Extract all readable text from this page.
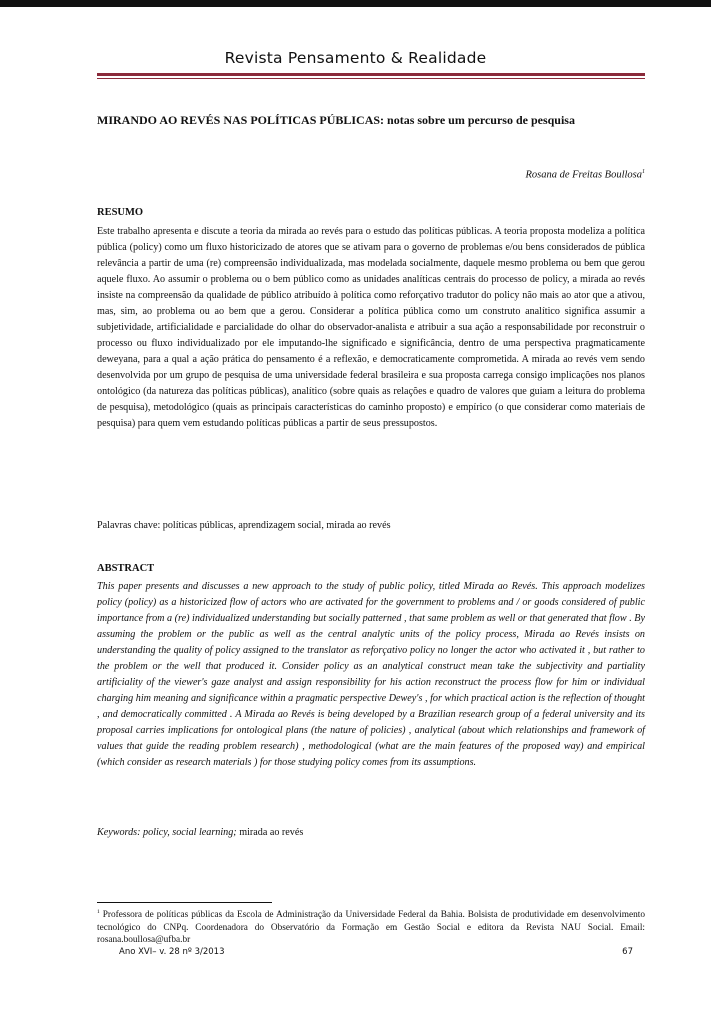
Revista Pensamento & Realidade
MIRANDO AO REVÉS NAS POLÍTICAS PÚBLICAS: notas sobre um percurso de pesquisa
Rosana de Freitas Boullosa$^1$
RESUMO
Este trabalho apresenta e discute a teoria da mirada ao revés para o estudo das políticas públicas. A teoria proposta modeliza a política pública (policy) como um fluxo historicizado de atores que se ativam para o governo de problemas e/ou bens considerados de pública relevância a partir de uma (re) compreensão individualizada, mas modelada socialmente, daquele mesmo problema ou bem que gerou aquele fluxo. Ao assumir o problema ou o bem público como as unidades analíticas centrais do processo de policy, a mirada ao revés insiste na compreensão da qualidade de público atribuído à política como reforçativo tradutor do policy não mais ao ator que a ativou, mas, sim, ao problema ou ao bem que a gerou. Considerar a política pública como um construto analítico significa assumir a subjetividade, artificialidade e parcialidade do olhar do observador-analista e atribuir a sua ação a responsabilidade por reconstruir o processo ou fluxo individualizado por ele imputando-lhe significado e significância, dentro de uma perspectiva pragmaticamente deweyana, para a qual a ação prática do pensamento é a reflexão, e democraticamente comprometida. A mirada ao revés vem sendo desenvolvida por um grupo de pesquisa de uma universidade federal brasileira e sua proposta carrega consigo implicações nos planos ontológico (da natureza das políticas públicas), analítico (sobre quais as relações e quadro de valores que guiam a leitura do problema de pesquisa), metodológico (quais as principais características do caminho proposto) e empírico (o que considerar como materiais de pesquisa) para quem vem estudando políticas públicas a partir de seus pressupostos.
Palavras chave: políticas públicas, aprendizagem social, mirada ao revés
ABSTRACT
This paper presents and discusses a new approach to the study of public policy, titled Mirada ao Revés. This approach modelizes policy (policy) as a historicized flow of actors who are activated for the government to problems and / or goods considered of public importance from a (re) individualized understanding but socially patterned , that same problem as well or that generated that flow . By assuming the problem or the public as well as the central analytic units of the policy process, Mirada ao Revés insists on understanding the quality of policy assigned to the translator as reforçativo policy no longer the actor who activated it , but rather to the problem or the well that produced it. Consider policy as an analytical construct mean take the subjectivity and partiality artificiality of the viewer's gaze analyst and assign responsibility for his action reconstruct the process flow for him or individual charging him meaning and significance within a pragmatic perspective Dewey's , for which practical action is the reflection of thought , and democratically committed . A Mirada ao Revés is being developed by a Brazilian research group of a federal university and its proposal carries implications for ontological plans (the nature of policies) , analytical (about which relationships and framework of values that guide the reading problem research) , methodological (what are the main features of the proposed way) and empirical (which consider as research materials ) for those studying policy comes from its assumptions.
Keywords: policy, social learning; mirada ao revés
$^1$ Professora de políticas públicas da Escola de Administração da Universidade Federal da Bahia. Bolsista de produtividade em desenvolvimento tecnológico do CNPq. Coordenadora do Observatório da Formação em Gestão Social e editora da Revista NAU Social. Email: rosana.boullosa@ufba.br
Ano XVI– v. 28 nº 3/2013	67
